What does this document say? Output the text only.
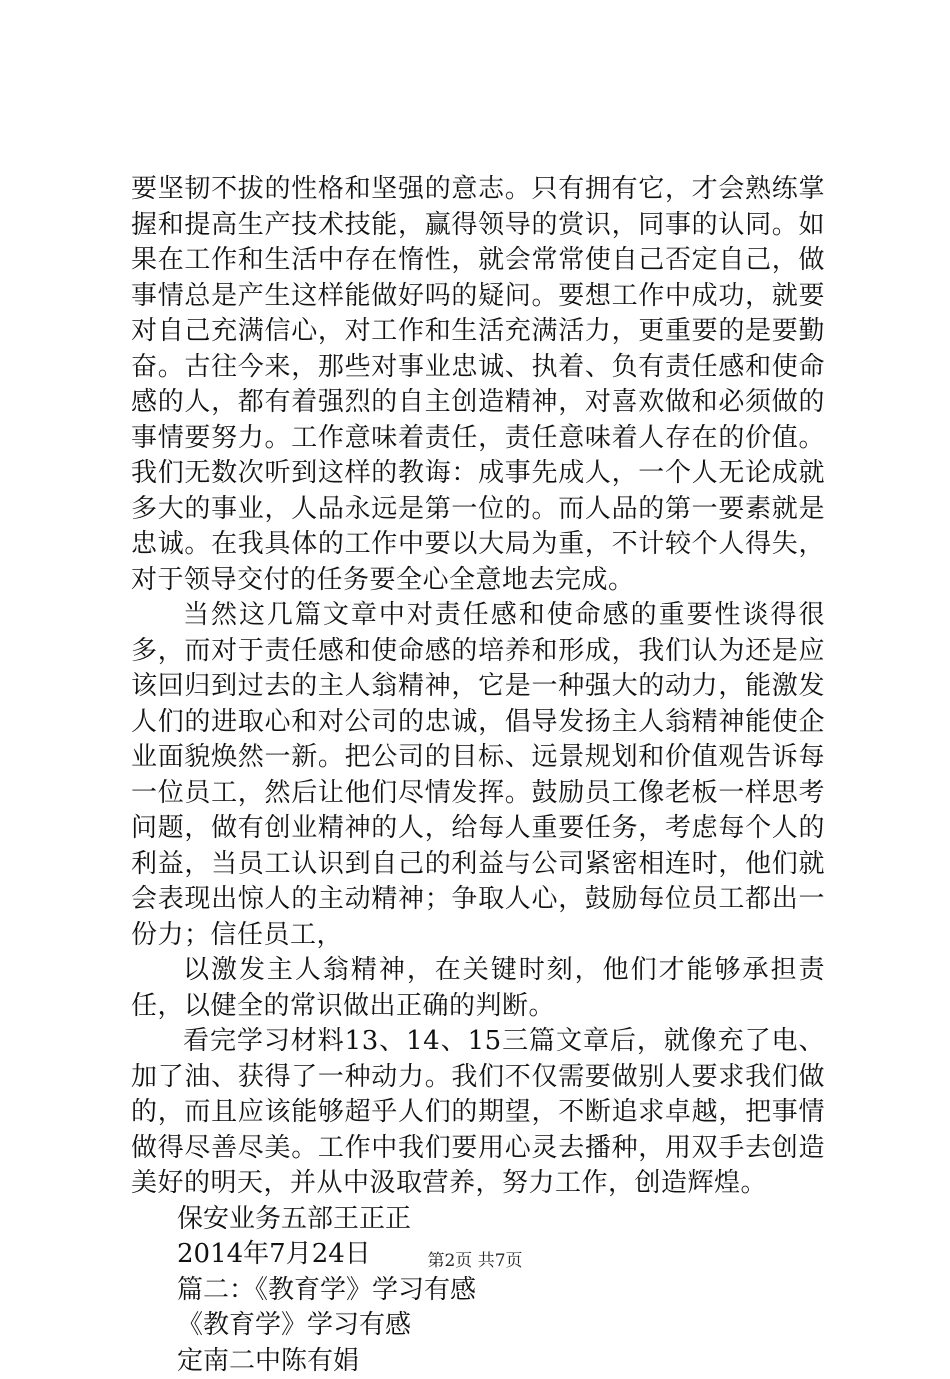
要坚韧不拔的性格和坚强的意志。只有拥有它，才会熟练掌握和提高生产技术技能，赢得领导的赏识，同事的认同。如果在工作和生活中存在惰性，就会常常使自己否定自己，做事情总是产生这样能做好吗的疑问。要想工作中成功，就要对自己充满信心，对工作和生活充满活力，更重要的是要勤奋。古往今来，那些对事业忠诚、执着、负有责任感和使命感的人，都有着强烈的自主创造精神，对喜欢做和必须做的事情要努力。工作意味着责任，责任意味着人存在的价值。我们无数次听到这样的教诲：成事先成人，一个人无论成就多大的事业，人品永远是第一位的。而人品的第一要素就是忠诚。在我具体的工作中要以大局为重，不计较个人得失，对于领导交付的任务要全心全意地去完成。

当然这几篇文章中对责任感和使命感的重要性谈得很多，而对于责任感和使命感的培养和形成，我们认为还是应该回归到过去的主人翁精神，它是一种强大的动力，能激发人们的进取心和对公司的忠诚，倡导发扬主人翁精神能使企业面貌焕然一新。把公司的目标、远景规划和价值观告诉每一位员工，然后让他们尽情发挥。鼓励员工像老板一样思考问题，做有创业精神的人，给每人重要任务，考虑每个人的利益，当员工认识到自己的利益与公司紧密相连时，他们就会表现出惊人的主动精神；争取人心，鼓励每位员工都出一份力；信任员工，

以激发主人翁精神，在关键时刻，他们才能够承担责任，以健全的常识做出正确的判断。

看完学习材料13、14、15三篇文章后，就像充了电、加了油、获得了一种动力。我们不仅需要做别人要求我们做的，而且应该能够超乎人们的期望，不断追求卓越，把事情做得尽善尽美。工作中我们要用心灵去播种，用双手去创造美好的明天，并从中汲取营养，努力工作，创造辉煌。

保安业务五部王正正

2014年7月24日

篇二：《教育学》学习有感

《教育学》学习有感

定南二中陈有娟

第2页 共7页
